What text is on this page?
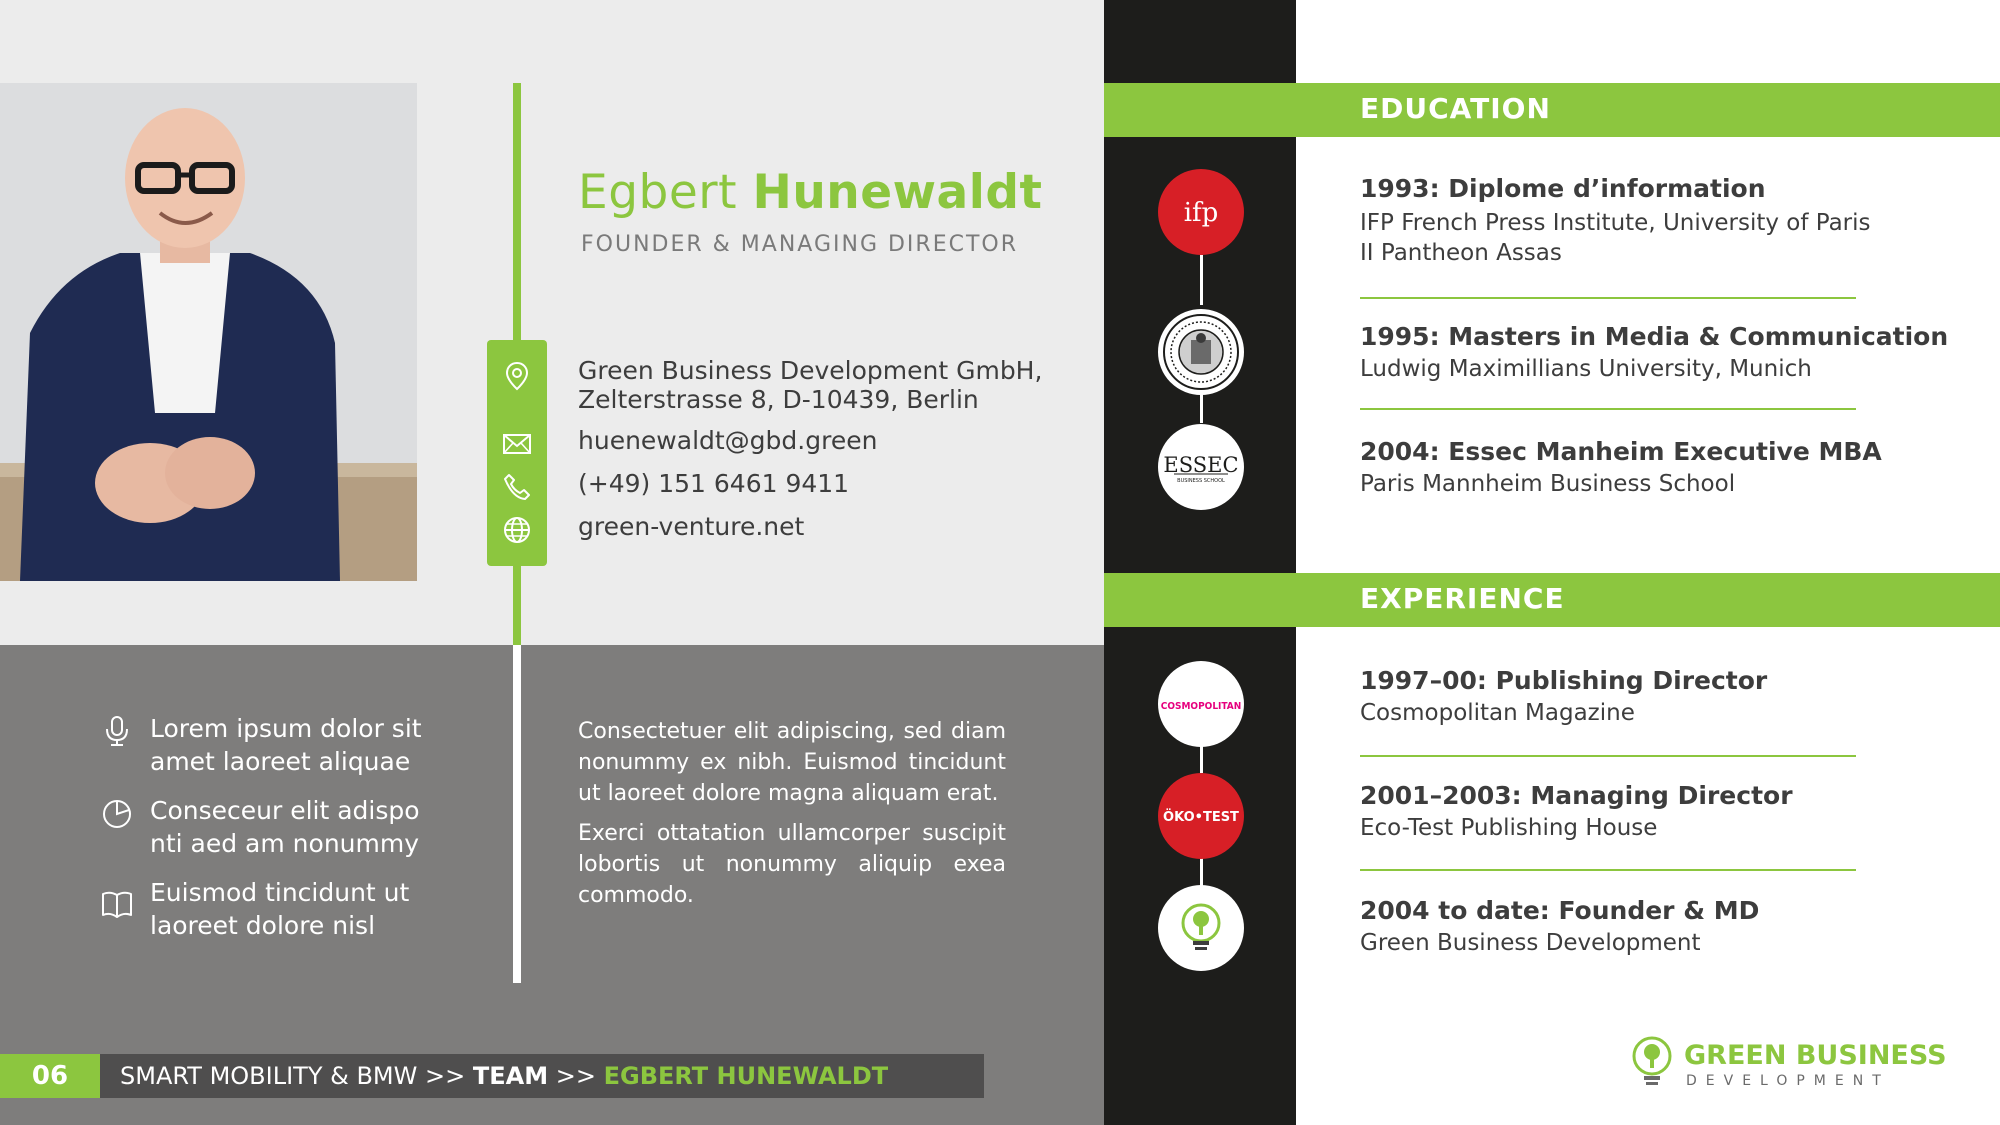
Egbert Hunewaldt
FOUNDER & MANAGING DIRECTOR
Green Business Development GmbH,
Zelterstrasse 8, D-10439, Berlin
huenewaldt@gbd.green
(+49) 151 6461 9411
green-venture.net
Lorem ipsum dolor sit
amet laoreet aliquae
Conseceur elit adispo
nti aed am nonummy
Euismod tincidunt ut
laoreet dolore nisl
Consectetuer elit adipiscing, sed diam nonummy ex nibh. Euismod tincidunt ut laoreet dolore magna aliquam erat.
Exerci ottatation ullamcorper suscipit lobortis ut nonummy aliquip exea commodo.
06	SMART MOBILITY & BMW >> TEAM >> EGBERT HUNEWALDT
EDUCATION
ifp
ESSEC
BUSINESS SCHOOL
1993: Diplome d’information
IFP French Press Institute, University of Paris
II Pantheon Assas
1995: Masters in Media & Communication
Ludwig Maximillians University, Munich
2004: Essec Manheim Executive MBA
Paris Mannheim Business School
EXPERIENCE
COSMOPOLITAN
ÖKO•TEST
1997–00: Publishing Director
Cosmopolitan Magazine
2001–2003: Managing Director
Eco-Test Publishing House
2004 to date: Founder & MD
Green Business Development
GREEN BUSINESS
DEVELOPMENT
